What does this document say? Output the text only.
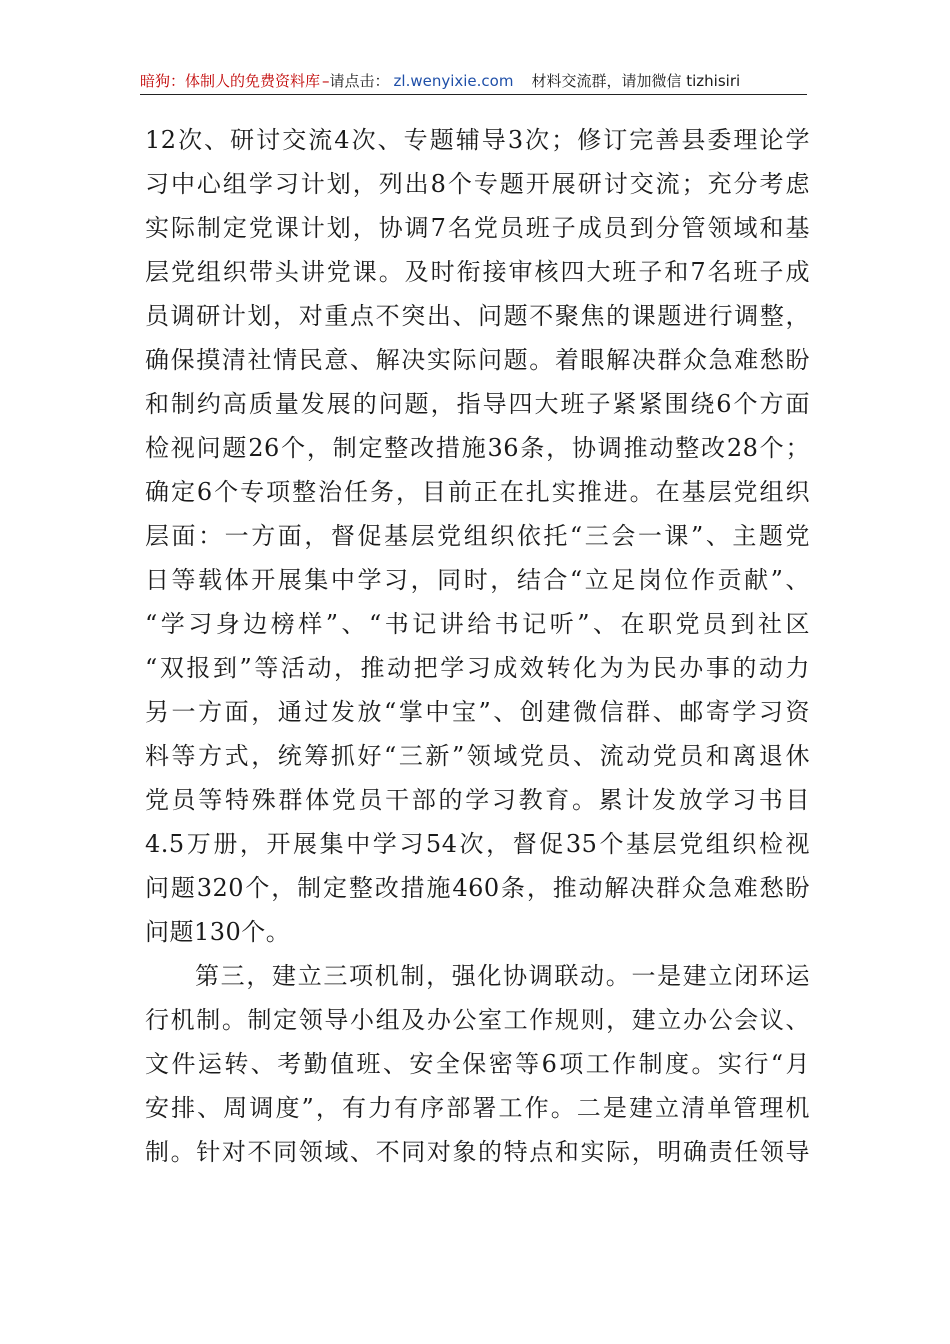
暗狗：体制人的免费资料库 –请点击： zl.wenyixie.com 材料交流群，请加微信 tizhisiri
12次、研讨交流4次、专题辅导3次；修订完善县委理论学
习中心组学习计划，列出8个专题开展研讨交流；充分考虑
实际制定党课计划，协调7名党员班子成员到分管领域和基
层党组织带头讲党课。及时衔接审核四大班子和7名班子成
员调研计划，对重点不突出、问题不聚焦的课题进行调整，
确保摸清社情民意、解决实际问题。着眼解决群众急难愁盼
和制约高质量发展的问题，指导四大班子紧紧围绕6个方面
检视问题26个，制定整改措施36条，协调推动整改28个；
确定6个专项整治任务，目前正在扎实推进。在基层党组织
层面：一方面，督促基层党组织依托“三会一课”、主题党
日等载体开展集中学习，同时，结合“立足岗位作贡献”、
“学习身边榜样”、“书记讲给书记听”、在职党员到社区
“双报到”等活动，推动把学习成效转化为为民办事的动力
另一方面，通过发放“掌中宝”、创建微信群、邮寄学习资
料等方式，统筹抓好“三新”领域党员、流动党员和离退休
党员等特殊群体党员干部的学习教育。累计发放学习书目
4.5万册，开展集中学习54次，督促35个基层党组织检视
问题320个，制定整改措施460条，推动解决群众急难愁盼
问题130个。
第三，建立三项机制，强化协调联动。一是建立闭环运
行机制。制定领导小组及办公室工作规则，建立办公会议、
文件运转、考勤值班、安全保密等6项工作制度。实行“月
安排、周调度”，有力有序部署工作。二是建立清单管理机
制。针对不同领域、不同对象的特点和实际，明确责任领导
